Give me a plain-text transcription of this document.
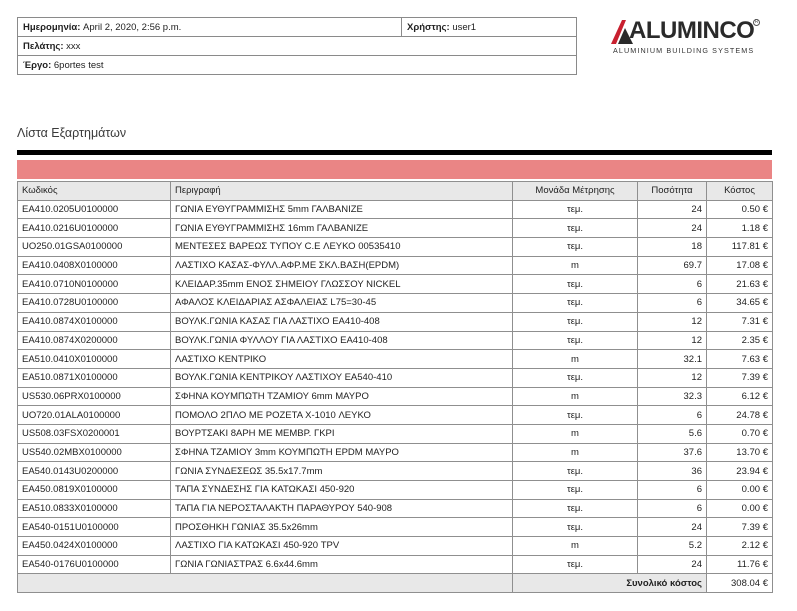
Ημερομηνία: April 2, 2020, 2:56 p.m.	Χρήστης: user1
Πελάτης: xxx
Έργο: 6portes test
ALUMINCO R
ALUMINIUM BUILDING SYSTEMS
Λίστα Εξαρτημάτων
Κωδικός	Περιγραφή	Μονάδα Μέτρησης	Ποσότητα	Κόστος
EA410.0205U0100000	ΓΩΝΙΑ ΕΥΘΥΓΡΑΜΜΙΣΗΣ 5mm ΓΑΛΒΑΝΙΖΕ	τεμ.	24	0.50 €
EA410.0216U0100000	ΓΩΝΙΑ ΕΥΘΥΓΡΑΜΜΙΣΗΣ 16mm ΓΑΛΒΑΝΙΖΕ	τεμ.	24	1.18 €
UO250.01GSA0100000	ΜΕΝΤΕΣΕΣ ΒΑΡΕΩΣ ΤΥΠΟΥ C.E ΛΕΥΚΟ 00535410	τεμ.	18	117.81 €
EA410.0408X0100000	ΛΑΣΤΙΧΟ ΚΑΣΑΣ-ΦΥΛΛ.ΑΦΡ.ΜΕ ΣΚΛ.ΒΑΣΗ(EPDM)	m	69.7	17.08 €
EA410.0710N0100000	ΚΛΕΙΔΑΡ.35mm ΕΝΟΣ ΣΗΜΕΙΟΥ ΓΛΩΣΣΟΥ NICKEL	τεμ.	6	21.63 €
EA410.0728U0100000	ΑΦΑΛΟΣ ΚΛΕΙΔΑΡΙΑΣ ΑΣΦΑΛΕΙΑΣ L75=30-45	τεμ.	6	34.65 €
EA410.0874X0100000	ΒΟΥΛΚ.ΓΩΝΙΑ ΚΑΣΑΣ ΓΙΑ ΛΑΣΤΙΧΟ EA410-408	τεμ.	12	7.31 €
EA410.0874X0200000	ΒΟΥΛΚ.ΓΩΝΙΑ ΦΥΛΛΟΥ ΓΙΑ ΛΑΣΤΙΧΟ EA410-408	τεμ.	12	2.35 €
EA510.0410X0100000	ΛΑΣΤΙΧΟ ΚΕΝΤΡΙΚΟ	m	32.1	7.63 €
EA510.0871X0100000	ΒΟΥΛΚ.ΓΩΝΙΑ ΚΕΝΤΡΙΚΟΥ ΛΑΣΤΙΧΟΥ EA540-410	τεμ.	12	7.39 €
US530.06PRX0100000	ΣΦΗΝΑ ΚΟΥΜΠΩΤΗ ΤΖΑΜΙΟΥ 6mm ΜΑΥΡΟ	m	32.3	6.12 €
UO720.01ALA0100000	ΠΟΜΟΛΟ 2ΠΛΟ ΜΕ ΡΟΖΕΤΑ X-1010 ΛΕΥΚΟ	τεμ.	6	24.78 €
US508.03FSX0200001	ΒΟΥΡΤΣΑΚΙ 8ΑΡΗ ΜΕ ΜΕΜΒΡ. ΓΚΡΙ	m	5.6	0.70 €
US540.02MBX0100000	ΣΦΗΝΑ ΤΖΑΜΙΟΥ 3mm ΚΟΥΜΠΩΤΗ EPDM ΜΑΥΡΟ	m	37.6	13.70 €
EA540.0143U0200000	ΓΩΝΙΑ ΣΥΝΔΕΣΕΩΣ 35.5x17.7mm	τεμ.	36	23.94 €
EA450.0819X0100000	ΤΑΠΑ ΣΥΝΔΕΣΗΣ ΓΙΑ ΚΑΤΩΚΑΣΙ 450-920	τεμ.	6	0.00 €
EA510.0833X0100000	ΤΑΠΑ ΓΙΑ ΝΕΡΟΣΤΑΛΑΚΤΗ ΠΑΡΑΘΥΡΟΥ 540-908	τεμ.	6	0.00 €
EA540-0151U0100000	ΠΡΟΣΘΗΚΗ ΓΩΝΙΑΣ 35.5x26mm	τεμ.	24	7.39 €
EA450.0424X0100000	ΛΑΣΤΙΧΟ ΓΙΑ ΚΑΤΩΚΑΣΙ 450-920 TPV	m	5.2	2.12 €
EA540-0176U0100000	ΓΩΝΙΑ ΓΩΝΙΑΣΤΡΑΣ 6.6x44.6mm	τεμ.	24	11.76 €
		Συνολικό κόστος		308.04 €
